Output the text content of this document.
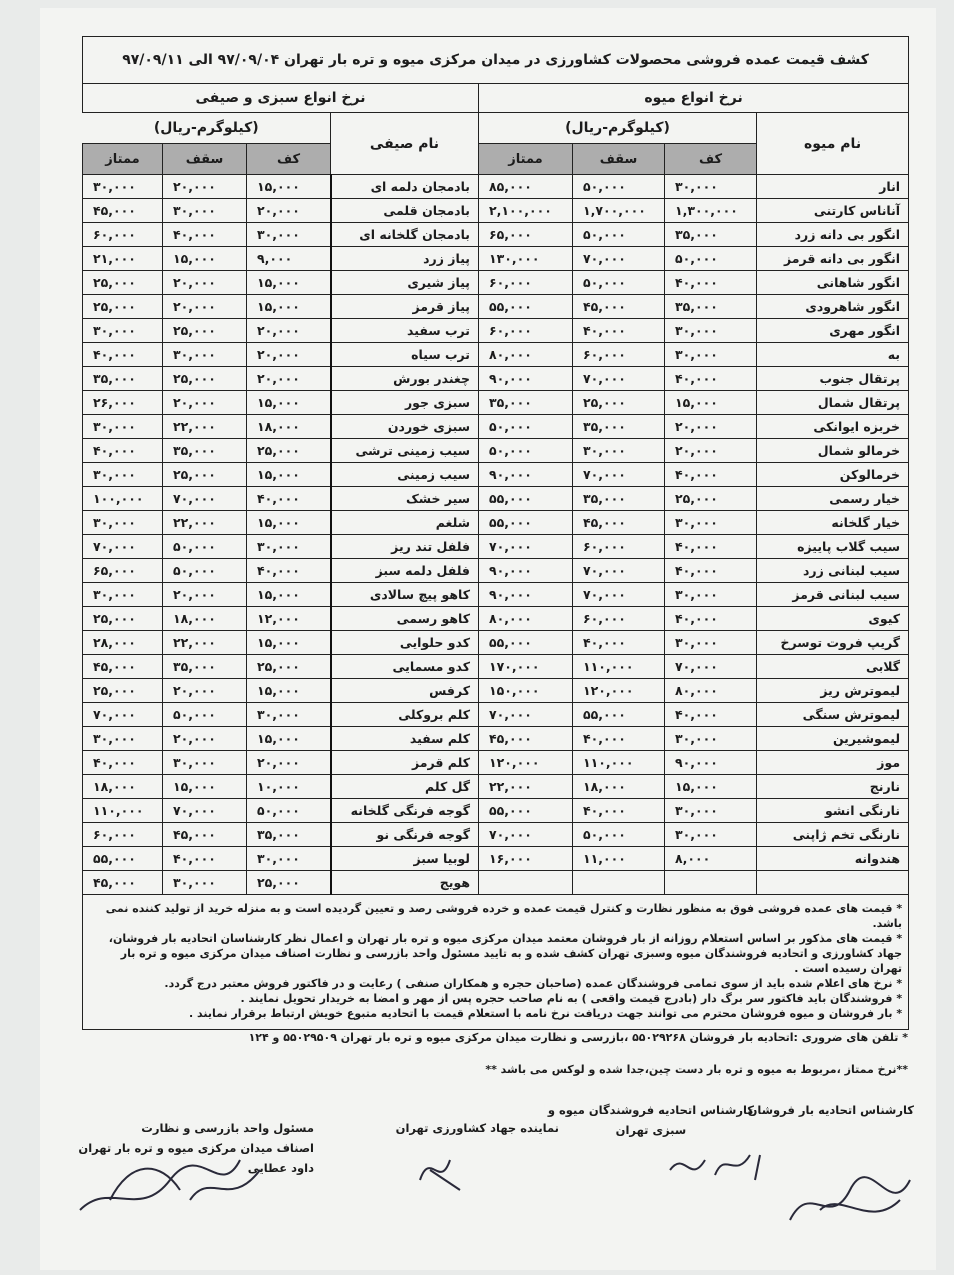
کشف قیمت عمده فروشی محصولات کشاورزی در میدان مرکزی میوه و تره بار تهران ۹۷/۰۹/۰۴ الی ۹۷/۰۹/۱۱							
نرخ انواع سبزی و صیفی				نرخ انواع میوه			
(کیلوگرم-ریال)			نام صیفی	(کیلوگرم-ریال)			نام میوه
ممتاز	سقف	کف		ممتاز	سقف	کف	
۳۰,۰۰۰	۲۰,۰۰۰	۱۵,۰۰۰	بادمجان دلمه ای	۸۵,۰۰۰	۵۰,۰۰۰	۳۰,۰۰۰	انار
۴۵,۰۰۰	۳۰,۰۰۰	۲۰,۰۰۰	بادمجان قلمی	۲,۱۰۰,۰۰۰	۱,۷۰۰,۰۰۰	۱,۳۰۰,۰۰۰	آناناس کارتنی
۶۰,۰۰۰	۴۰,۰۰۰	۳۰,۰۰۰	بادمجان گلخانه ای	۶۵,۰۰۰	۵۰,۰۰۰	۳۵,۰۰۰	انگور بی دانه زرد
۲۱,۰۰۰	۱۵,۰۰۰	۹,۰۰۰	پیاز زرد	۱۳۰,۰۰۰	۷۰,۰۰۰	۵۰,۰۰۰	انگور بی دانه قرمز
۲۵,۰۰۰	۲۰,۰۰۰	۱۵,۰۰۰	پیاز شیری	۶۰,۰۰۰	۵۰,۰۰۰	۴۰,۰۰۰	انگور شاهانی
۲۵,۰۰۰	۲۰,۰۰۰	۱۵,۰۰۰	پیاز قرمز	۵۵,۰۰۰	۴۵,۰۰۰	۳۵,۰۰۰	انگور شاهرودی
۳۰,۰۰۰	۲۵,۰۰۰	۲۰,۰۰۰	ترب سفید	۶۰,۰۰۰	۴۰,۰۰۰	۳۰,۰۰۰	انگور مهری
۴۰,۰۰۰	۳۰,۰۰۰	۲۰,۰۰۰	ترب سیاه	۸۰,۰۰۰	۶۰,۰۰۰	۳۰,۰۰۰	به
۳۵,۰۰۰	۲۵,۰۰۰	۲۰,۰۰۰	چغندر بورش	۹۰,۰۰۰	۷۰,۰۰۰	۴۰,۰۰۰	پرتقال جنوب
۲۶,۰۰۰	۲۰,۰۰۰	۱۵,۰۰۰	سبزی جور	۳۵,۰۰۰	۲۵,۰۰۰	۱۵,۰۰۰	پرتقال شمال
۳۰,۰۰۰	۲۲,۰۰۰	۱۸,۰۰۰	سبزی خوردن	۵۰,۰۰۰	۳۵,۰۰۰	۲۰,۰۰۰	خربزه ایوانکی
۴۰,۰۰۰	۳۵,۰۰۰	۲۵,۰۰۰	سیب زمینی ترشی	۵۰,۰۰۰	۳۰,۰۰۰	۲۰,۰۰۰	خرمالو شمال
۳۰,۰۰۰	۲۵,۰۰۰	۱۵,۰۰۰	سیب زمینی	۹۰,۰۰۰	۷۰,۰۰۰	۴۰,۰۰۰	خرمالوکن
۱۰۰,۰۰۰	۷۰,۰۰۰	۴۰,۰۰۰	سیر خشک	۵۵,۰۰۰	۳۵,۰۰۰	۲۵,۰۰۰	خیار رسمی
۳۰,۰۰۰	۲۲,۰۰۰	۱۵,۰۰۰	شلغم	۵۵,۰۰۰	۴۵,۰۰۰	۳۰,۰۰۰	خیار گلخانه
۷۰,۰۰۰	۵۰,۰۰۰	۳۰,۰۰۰	فلفل تند ریز	۷۰,۰۰۰	۶۰,۰۰۰	۴۰,۰۰۰	سیب گلاب پاییزه
۶۵,۰۰۰	۵۰,۰۰۰	۴۰,۰۰۰	فلفل دلمه سبز	۹۰,۰۰۰	۷۰,۰۰۰	۴۰,۰۰۰	سیب لبنانی زرد
۳۰,۰۰۰	۲۰,۰۰۰	۱۵,۰۰۰	کاهو پیچ سالادی	۹۰,۰۰۰	۷۰,۰۰۰	۳۰,۰۰۰	سیب لبنانی قرمز
۲۵,۰۰۰	۱۸,۰۰۰	۱۲,۰۰۰	کاهو رسمی	۸۰,۰۰۰	۶۰,۰۰۰	۴۰,۰۰۰	کیوی
۲۸,۰۰۰	۲۲,۰۰۰	۱۵,۰۰۰	کدو حلوایی	۵۵,۰۰۰	۴۰,۰۰۰	۳۰,۰۰۰	گریپ فروت توسرخ
۴۵,۰۰۰	۳۵,۰۰۰	۲۵,۰۰۰	کدو مسمایی	۱۷۰,۰۰۰	۱۱۰,۰۰۰	۷۰,۰۰۰	گلابی
۲۵,۰۰۰	۲۰,۰۰۰	۱۵,۰۰۰	کرفس	۱۵۰,۰۰۰	۱۲۰,۰۰۰	۸۰,۰۰۰	لیموترش ریز
۷۰,۰۰۰	۵۰,۰۰۰	۳۰,۰۰۰	کلم بروکلی	۷۰,۰۰۰	۵۵,۰۰۰	۴۰,۰۰۰	لیموترش سنگی
۳۰,۰۰۰	۲۰,۰۰۰	۱۵,۰۰۰	کلم سفید	۴۵,۰۰۰	۴۰,۰۰۰	۳۰,۰۰۰	لیموشیرین
۴۰,۰۰۰	۳۰,۰۰۰	۲۰,۰۰۰	کلم قرمز	۱۲۰,۰۰۰	۱۱۰,۰۰۰	۹۰,۰۰۰	موز
۱۸,۰۰۰	۱۵,۰۰۰	۱۰,۰۰۰	گل کلم	۲۲,۰۰۰	۱۸,۰۰۰	۱۵,۰۰۰	نارنج
۱۱۰,۰۰۰	۷۰,۰۰۰	۵۰,۰۰۰	گوجه فرنگی گلخانه	۵۵,۰۰۰	۴۰,۰۰۰	۳۰,۰۰۰	نارنگی انشو
۶۰,۰۰۰	۴۵,۰۰۰	۳۵,۰۰۰	گوجه فرنگی نو	۷۰,۰۰۰	۵۰,۰۰۰	۳۰,۰۰۰	نارنگی تخم ژاپنی
۵۵,۰۰۰	۴۰,۰۰۰	۳۰,۰۰۰	لوبیا سبز	۱۶,۰۰۰	۱۱,۰۰۰	۸,۰۰۰	هندوانه
۴۵,۰۰۰	۳۰,۰۰۰	۲۵,۰۰۰	هویج				

* قیمت های عمده فروشی فوق به منظور نظارت و کنترل قیمت عمده و خرده فروشی رصد و تعیین گردیده است و به منزله خرید از تولید کننده نمی باشد.
* قیمت های مذکور بر اساس استعلام روزانه از بار فروشان معتمد میدان مرکزی میوه و تره بار تهران و اعمال نظر کارشناسان اتحادیه بار فروشان، جهاد کشاورزی و اتحادیه فروشندگان میوه وسبزی تهران کشف شده و به تایید مسئول واحد بازرسی و نظارت اصناف میدان مرکزی میوه و تره بار تهران رسیده است .
* نرخ های اعلام شده باید از سوی تمامی فروشندگان عمده (صاحبان حجره و همکاران صنفی ) رعایت و در فاکتور فروش معتبر درج گردد.
* فروشندگان باید فاکتور سر برگ دار (بادرج قیمت واقعی ) به نام صاحب حجره پس از مهر و امضا به خریدار تحویل نمایند .
* بار فروشان و میوه فروشان محترم می توانند جهت دریافت نرخ نامه با استعلام قیمت با اتحادیه متبوع خویش ارتباط برقرار نمایند .							
* تلفن های ضروری :اتحادیه بار فروشان ۵۵۰۲۹۲۶۸ ،بازرسی و نظارت میدان مرکزی میوه و تره بار تهران ۵۵۰۲۹۵۰۹ و ۱۲۴
**نرخ ممتاز ،مربوط به میوه و تره بار دست چین،جدا شده و لوکس می باشد **
کارشناس اتحادیه بار فروشان
کارشناس اتحادیه فروشندگان میوه و
سبزی تهران
نماینده جهاد کشاورزی تهران
مسئول واحد بازرسی و نظارت
اصناف میدان مرکزی میوه و تره بار تهران
داود عطایی
